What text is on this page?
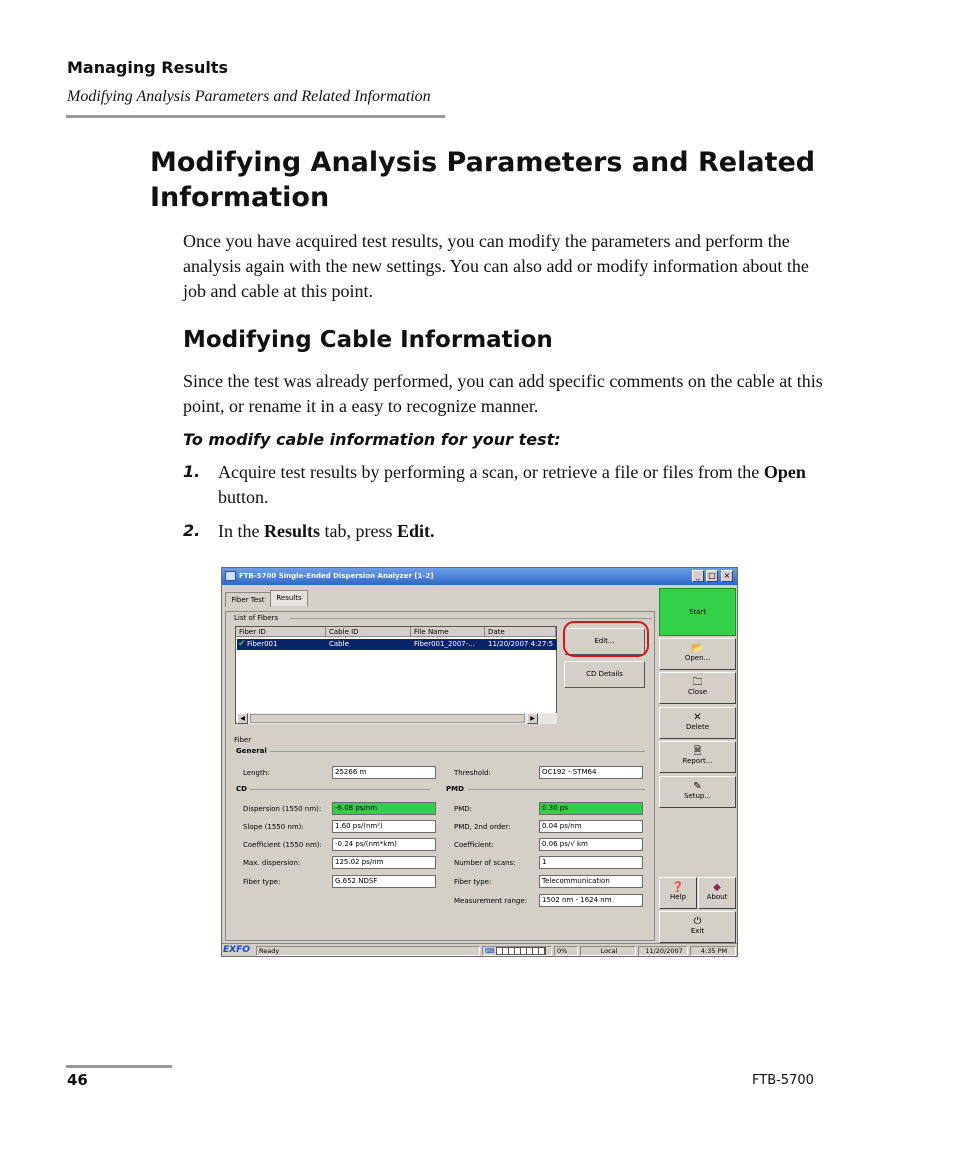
Managing Results
Modifying Analysis Parameters and Related Information
Modifying Analysis Parameters and Related Information
Once you have acquired test results, you can modify the parameters and perform the analysis again with the new settings. You can also add or modify information about the job and cable at this point.
Modifying Cable Information
Since the test was already performed, you can add specific comments on the cable at this point, or rename it in a easy to recognize manner.
To modify cable information for your test:
1. Acquire test results by performing a scan, or retrieve a file or files from the Open button.
2. In the Results tab, press Edit.
FTB-5700 Single-Ended Dispersion Analyzer [1-2]	_	□ ×
Fiber Test	Results
List of Fibers
Fiber ID	Cable ID	File Name	Date
✔ Fiber001	Cable	Fiber001_2007-... 11/20/2007 4:27:5
◀	▶
Edit...
CD Details
Fiber
General
Length:	25266 m	Threshold:	OC192 - STM64
CD	PMD
Dispersion (1550 nm):	-6.08 ps/nm
Slope (1550 nm):	1.60 ps/(nm²)
Coefficient (1550 nm):	-0.24 ps/(nm*km)
Max. dispersion:	125.02 ps/nm
Fiber type:	G.652 NDSF
PMD:	0.30 ps
PMD, 2nd order:	0.04 ps/nm
Coefficient:	0.06 ps/√ km
Number of scans:	1
Fiber type:	Telecommunication
Measurement range:	1502 nm - 1624 nm
Start
📂
Open...
🗀
Close
✕
Delete
🗎
Report...
✎
Setup...
❓
Help
◆
About
⏻
Exit
EXFO	Ready	⌨	0%	Local	11/20/2007	4:35 PM
46	FTB-5700
